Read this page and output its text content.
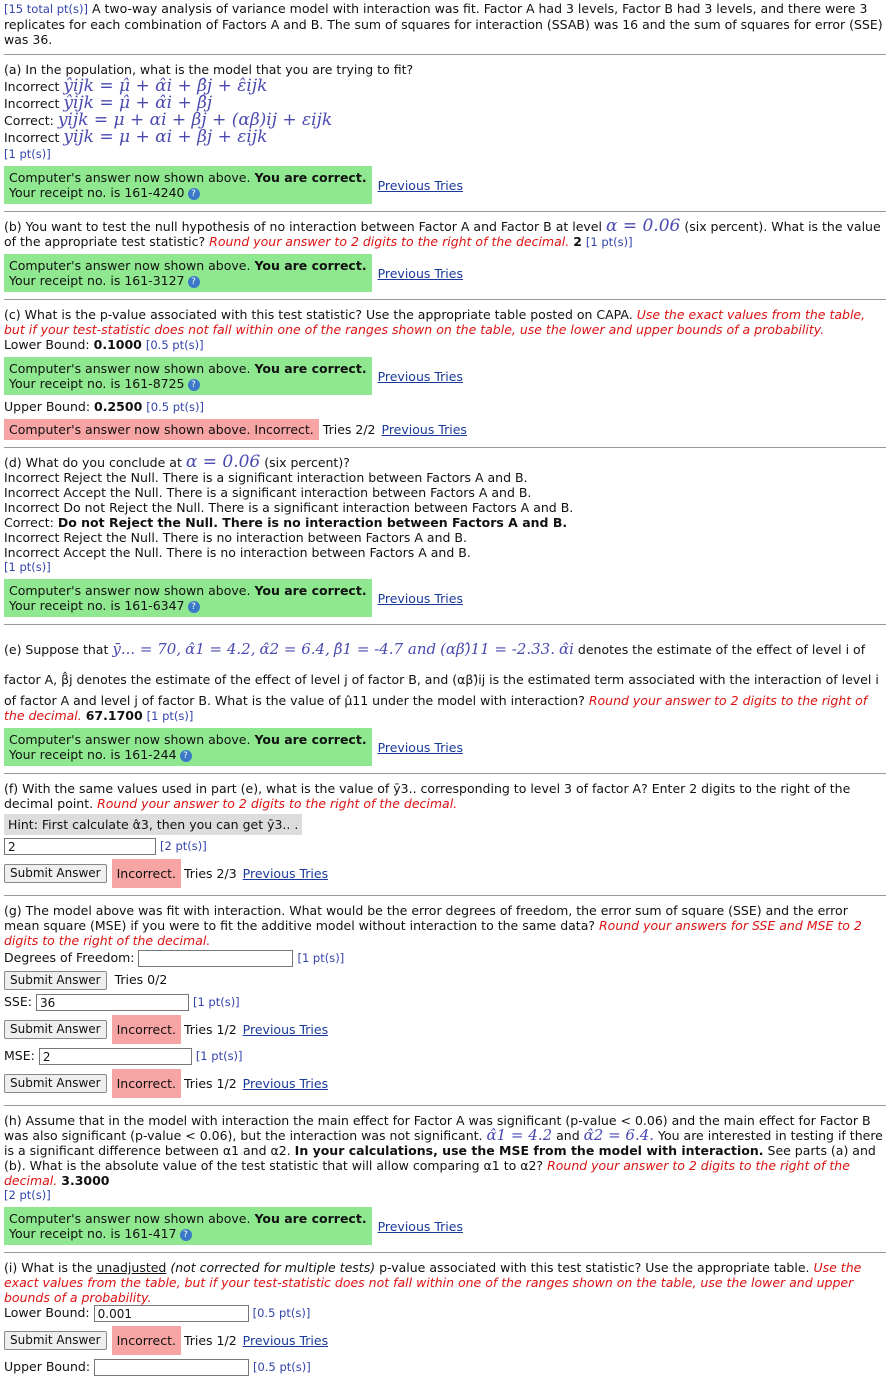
[15 total pt(s)] A two-way analysis of variance model with interaction was fit. Factor A had 3 levels, Factor B had 3 levels, and there were 3 replicates for each combination of Factors A and B. The sum of squares for interaction (SSAB) was 16 and the sum of squares for error (SSE) was 36.
(a) In the population, what is the model that you are trying to fit?
Incorrect ŷijk = μ̂ + α̂i + β̂j + ε̂ijk
Incorrect ŷijk = μ̂ + α̂i + β̂j
Correct: yijk = μ + αi + βj + (αβ)ij + εijk
Incorrect yijk = μ + αi + βj + εijk
[1 pt(s)]
Computer's answer now shown above. You are correct.
Your receipt no. is 161-4240 ?
Previous Tries
(b) You want to test the null hypothesis of no interaction between Factor A and Factor B at level α = 0.06 (six percent). What is the value of the appropriate test statistic? Round your answer to 2 digits to the right of the decimal. 2 [1 pt(s)]
Computer's answer now shown above. You are correct.
Your receipt no. is 161-3127 ?
Previous Tries
(c) What is the p-value associated with this test statistic? Use the appropriate table posted on CAPA. Use the exact values from the table, but if your test-statistic does not fall within one of the ranges shown on the table, use the lower and upper bounds of a probability.
Lower Bound: 0.1000 [0.5 pt(s)]
Computer's answer now shown above. You are correct.
Your receipt no. is 161-8725 ?
Previous Tries
Upper Bound: 0.2500 [0.5 pt(s)]
Computer's answer now shown above. Incorrect. Tries 2/2 Previous Tries
(d) What do you conclude at α = 0.06 (six percent)?
Incorrect Reject the Null. There is a significant interaction between Factors A and B.
Incorrect Accept the Null. There is a significant interaction between Factors A and B.
Incorrect Do not Reject the Null. There is a significant interaction between Factors A and B.
Correct: Do not Reject the Null. There is no interaction between Factors A and B.
Incorrect Reject the Null. There is no interaction between Factors A and B.
Incorrect Accept the Null. There is no interaction between Factors A and B.
[1 pt(s)]
Computer's answer now shown above. You are correct.
Your receipt no. is 161-6347 ?
Previous Tries
(e) Suppose that ȳ... = 70, α̂1 = 4.2, α̂2 = 6.4, β̂1 = -4.7 and (αβ)̂11 = -2.33. α̂i denotes the estimate of the effect of level i of
factor A, β̂j denotes the estimate of the effect of level j of factor B, and (αβ)̂ij is the estimated term associated with the interaction of level i
of factor A and level j of factor B. What is the value of μ̂11 under the model with interaction? Round your answer to 2 digits to the right of the decimal. 67.1700 [1 pt(s)]
Computer's answer now shown above. You are correct.
Your receipt no. is 161-244 ?
Previous Tries
(f) With the same values used in part (e), what is the value of ȳ3.. corresponding to level 3 of factor A? Enter 2 digits to the right of the decimal point. Round your answer to 2 digits to the right of the decimal.
Hint: First calculate α̂3, then you can get ȳ3.. .
2	[2 pt(s)]
Submit Answer	Incorrect. Tries 2/3 Previous Tries
(g) The model above was fit with interaction. What would be the error degrees of freedom, the error sum of square (SSE) and the error mean square (MSE) if you were to fit the additive model without interaction to the same data? Round your answers for SSE and MSE to 2 digits to the right of the decimal.
Degrees of Freedom:	[1 pt(s)]
Submit Answer Tries 0/2
SSE: 36	[1 pt(s)]
Submit Answer	Incorrect. Tries 1/2 Previous Tries
MSE: 2	[1 pt(s)]
Submit Answer	Incorrect. Tries 1/2 Previous Tries
(h) Assume that in the model with interaction the main effect for Factor A was significant (p-value < 0.06) and the main effect for Factor B was also significant (p-value < 0.06), but the interaction was not significant. α̂1 = 4.2 and α̂2 = 6.4. You are interested in testing if there is a significant difference between α1 and α2. In your calculations, use the MSE from the model with interaction. See parts (a) and (b). What is the absolute value of the test statistic that will allow comparing α1 to α2? Round your answer to 2 digits to the right of the decimal. 3.3000
[2 pt(s)]
Computer's answer now shown above. You are correct.
Your receipt no. is 161-417 ?
Previous Tries
(i) What is the unadjusted (not corrected for multiple tests) p-value associated with this test statistic? Use the appropriate table. Use the exact values from the table, but if your test-statistic does not fall within one of the ranges shown on the table, use the lower and upper bounds of a probability.
Lower Bound: 0.001	[0.5 pt(s)]
Submit Answer	Incorrect. Tries 1/2 Previous Tries
Upper Bound:	[0.5 pt(s)]
